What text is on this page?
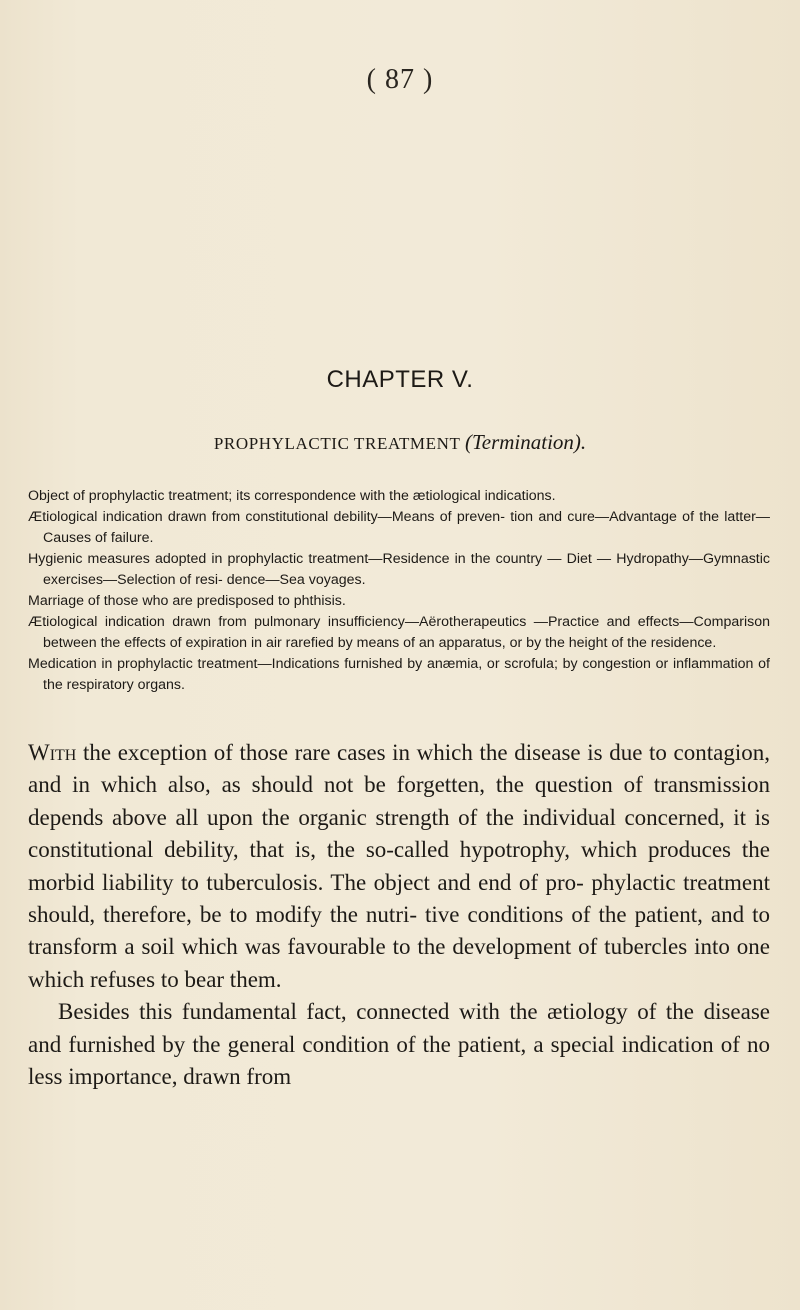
( 87 )
CHAPTER V.
PROPHYLACTIC TREATMENT (Termination).

Object of prophylactic treatment; its correspondence with the ætiological indications.

Ætiological indication drawn from constitutional debility—Means of preven- tion and cure—Advantage of the latter—Causes of failure.

Hygienic measures adopted in prophylactic treatment—Residence in the country — Diet — Hydropathy—Gymnastic exercises—Selection of resi- dence—Sea voyages.

Marriage of those who are predisposed to phthisis.

Ætiological indication drawn from pulmonary insufficiency—Aërotherapeutics —Practice and effects—Comparison between the effects of expiration in air rarefied by means of an apparatus, or by the height of the residence.

Medication in prophylactic treatment—Indications furnished by anæmia, or scrofula; by congestion or inflammation of the respiratory organs.

With the exception of those rare cases in which the disease is due to contagion, and in which also, as should not be forgetten, the question of transmission depends above all upon the organic strength of the individual concerned, it is constitutional debility, that is, the so-called hypotrophy, which produces the morbid liability to tuberculosis. The object and end of pro- phylactic treatment should, therefore, be to modify the nutri- tive conditions of the patient, and to transform a soil which was favourable to the development of tubercles into one which refuses to bear them.

Besides this fundamental fact, connected with the ætiology of the disease and furnished by the general condition of the patient, a special indication of no less importance, drawn from
